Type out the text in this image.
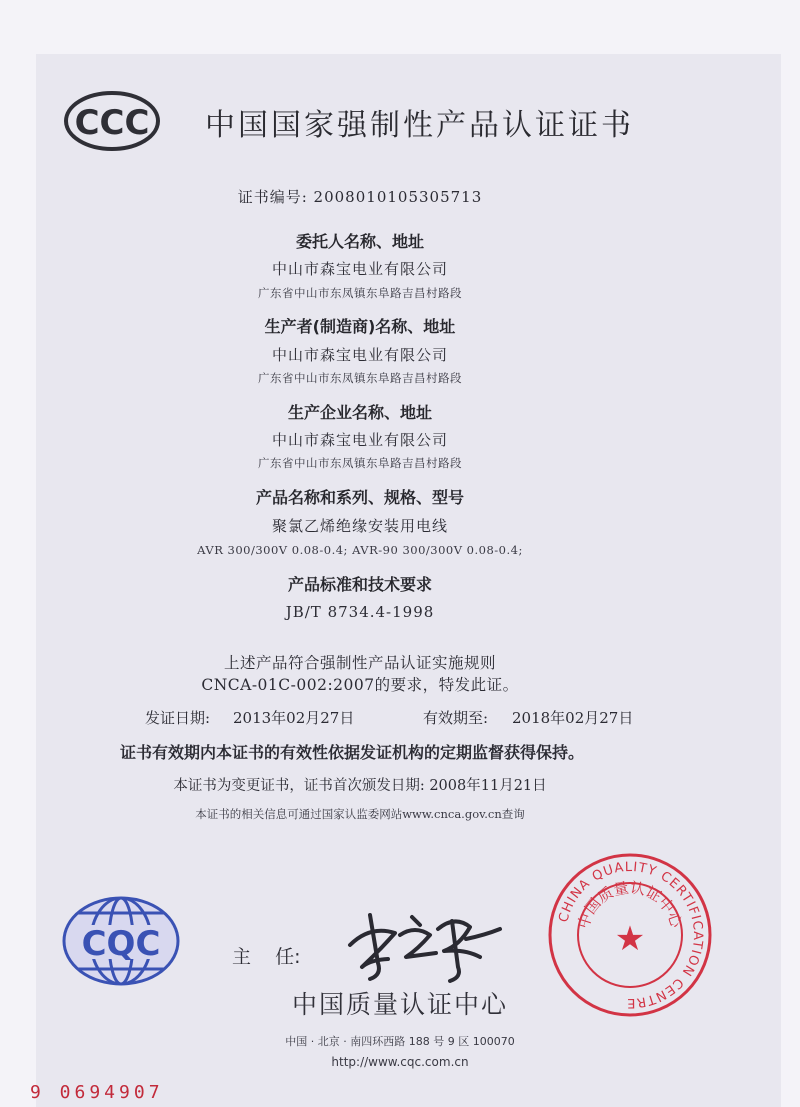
CCC 中国国家强制性产品认证证书
证书编号: 2008010105305713
委托人名称、地址
中山市森宝电业有限公司
广东省中山市东凤镇东阜路吉昌村路段
生产者(制造商)名称、地址
中山市森宝电业有限公司
广东省中山市东凤镇东阜路吉昌村路段
生产企业名称、地址
中山市森宝电业有限公司
广东省中山市东凤镇东阜路吉昌村路段
产品名称和系列、规格、型号
聚氯乙烯绝缘安装用电线
AVR 300/300V 0.08-0.4; AVR-90 300/300V 0.08-0.4;
产品标准和技术要求
JB/T 8734.4-1998
上述产品符合强制性产品认证实施规则
CNCA-01C-002:2007的要求，特发此证。
发证日期: 2013年02月27日	有效期至: 2018年02月27日
证书有效期内本证书的有效性依据发证机构的定期监督获得保持。
本证书为变更证书，证书首次颁发日期: 2008年11月21日
本证书的相关信息可通过国家认监委网站www.cnca.gov.cn查询
CQC	主    任:
中国质量认证中心
中国 · 北京 · 南四环西路 188 号 9 区 100070
http://www.cqc.com.cn
CHINA QUALITY CERTIFICATION CENTRE
中国质量认证中心
★
9 0694907
